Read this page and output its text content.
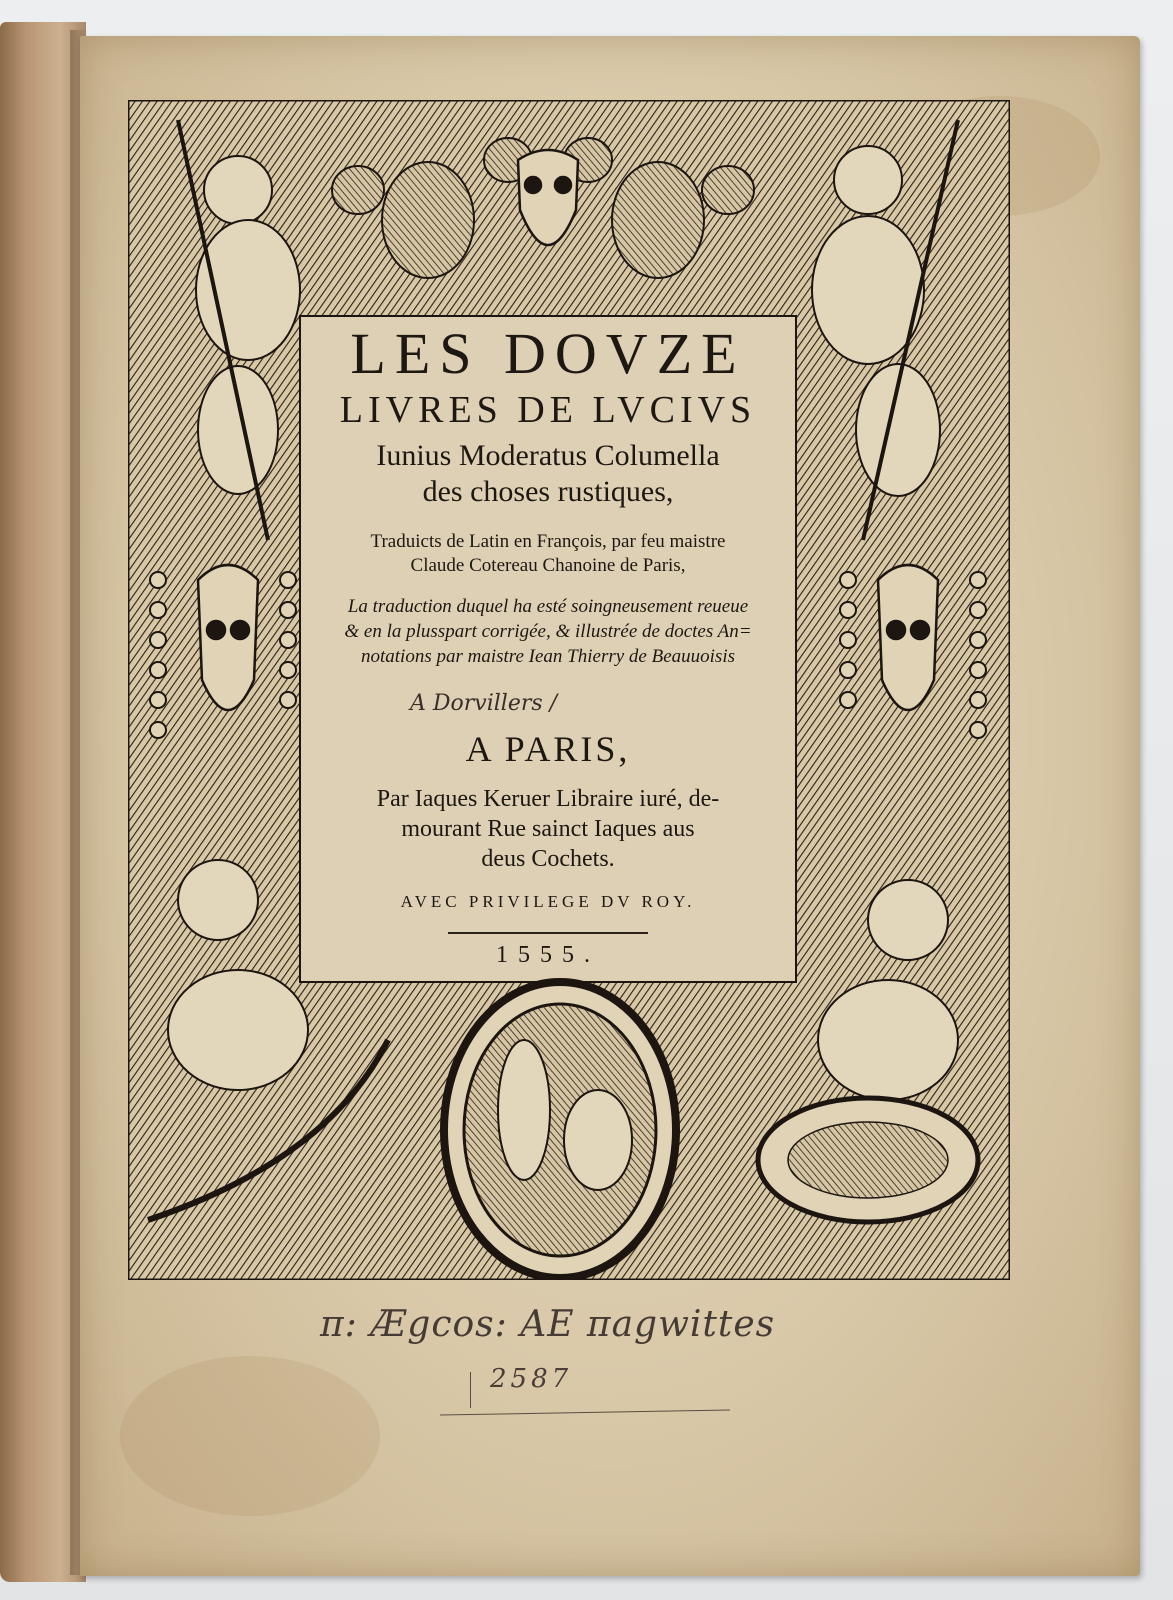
LES DOVZE

LIVRES DE LVCIVS

Iunius Moderatus Columella
des choses rustiques,

Traduicts de Latin en François, par feu maistre
Claude Cotereau Chanoine de Paris,

La traduction duquel ha esté soingneusement reueue
& en la plusspart corrigée, & illustrée de doctes An=
notations par maistre Iean Thierry de Beauuoisis

A Dorvillers /

A PARIS,

Par Iaques Keruer Libraire iuré, de-
mourant Rue sainct Iaques aus
deus Cochets.

AVEC PRIVILEGE DV ROY.

1555.

π: Ægcos: AE πagwittes
2587
